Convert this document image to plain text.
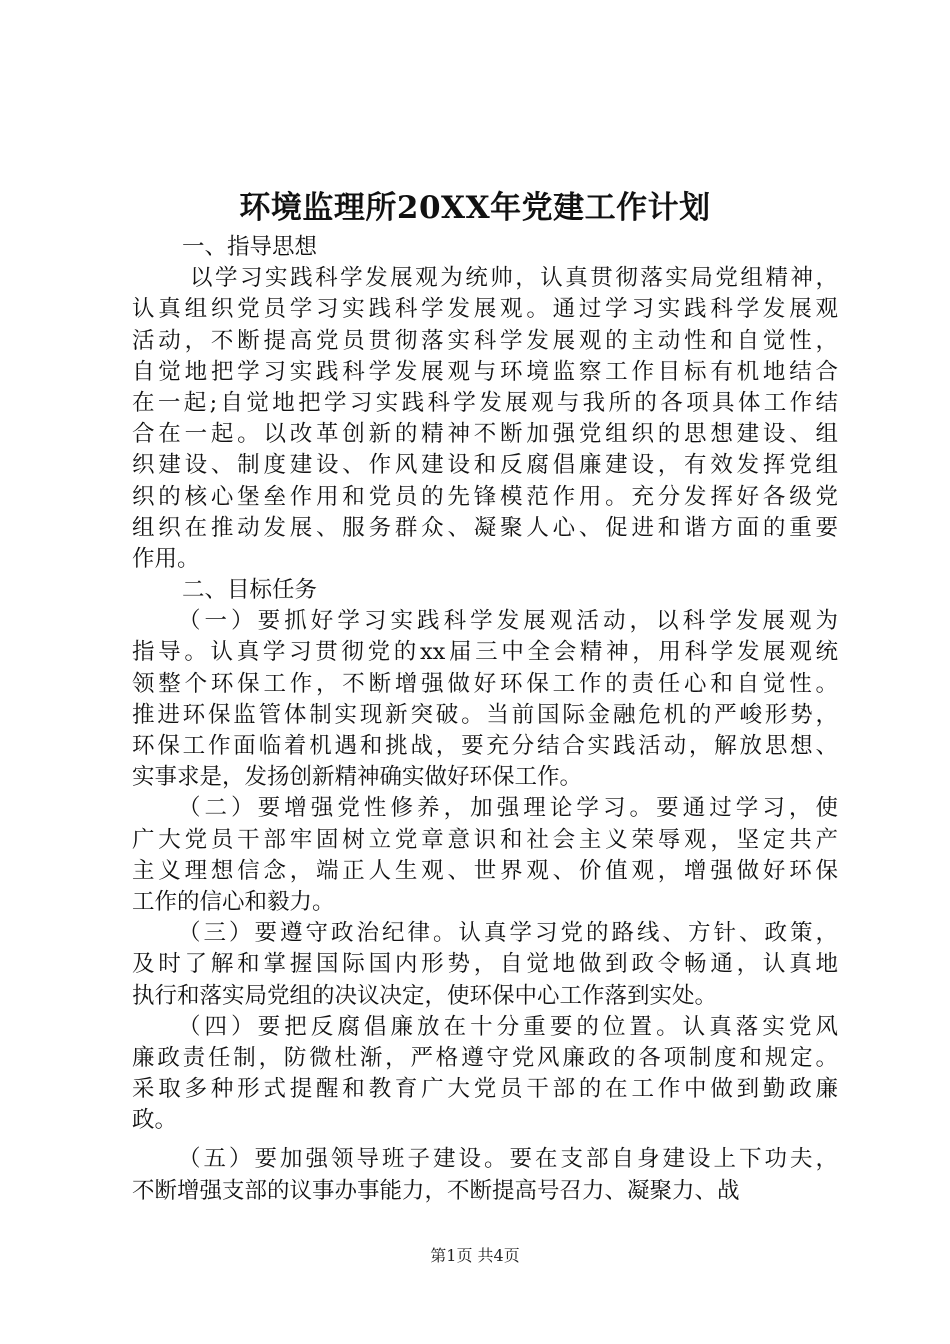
环境监理所20XX年党建工作计划
一、指导思想
以学习实践科学发展观为统帅，认真贯彻落实局党组精神，
认真组织党员学习实践科学发展观。通过学习实践科学发展观
活动，不断提高党员贯彻落实科学发展观的主动性和自觉性，
自觉地把学习实践科学发展观与环境监察工作目标有机地结合
在一起;自觉地把学习实践科学发展观与我所的各项具体工作结
合在一起。以改革创新的精神不断加强党组织的思想建设、组
织建设、制度建设、作风建设和反腐倡廉建设，有效发挥党组
织的核心堡垒作用和党员的先锋模范作用。充分发挥好各级党
组织在推动发展、服务群众、凝聚人心、促进和谐方面的重要
作用。
二、目标任务
（一）要抓好学习实践科学发展观活动，以科学发展观为
指导。认真学习贯彻党的xx届三中全会精神，用科学发展观统
领整个环保工作，不断增强做好环保工作的责任心和自觉性。
推进环保监管体制实现新突破。当前国际金融危机的严峻形势，
环保工作面临着机遇和挑战，要充分结合实践活动，解放思想、
实事求是，发扬创新精神确实做好环保工作。
（二）要增强党性修养，加强理论学习。要通过学习，使
广大党员干部牢固树立党章意识和社会主义荣辱观，坚定共产
主义理想信念，端正人生观、世界观、价值观，增强做好环保
工作的信心和毅力。
（三）要遵守政治纪律。认真学习党的路线、方针、政策，
及时了解和掌握国际国内形势，自觉地做到政令畅通，认真地
执行和落实局党组的决议决定，使环保中心工作落到实处。
（四）要把反腐倡廉放在十分重要的位置。认真落实党风
廉政责任制，防微杜渐，严格遵守党风廉政的各项制度和规定。
采取多种形式提醒和教育广大党员干部的在工作中做到勤政廉
政。
（五）要加强领导班子建设。要在支部自身建设上下功夫，
不断增强支部的议事办事能力，不断提高号召力、凝聚力、战
第1页 共4页
